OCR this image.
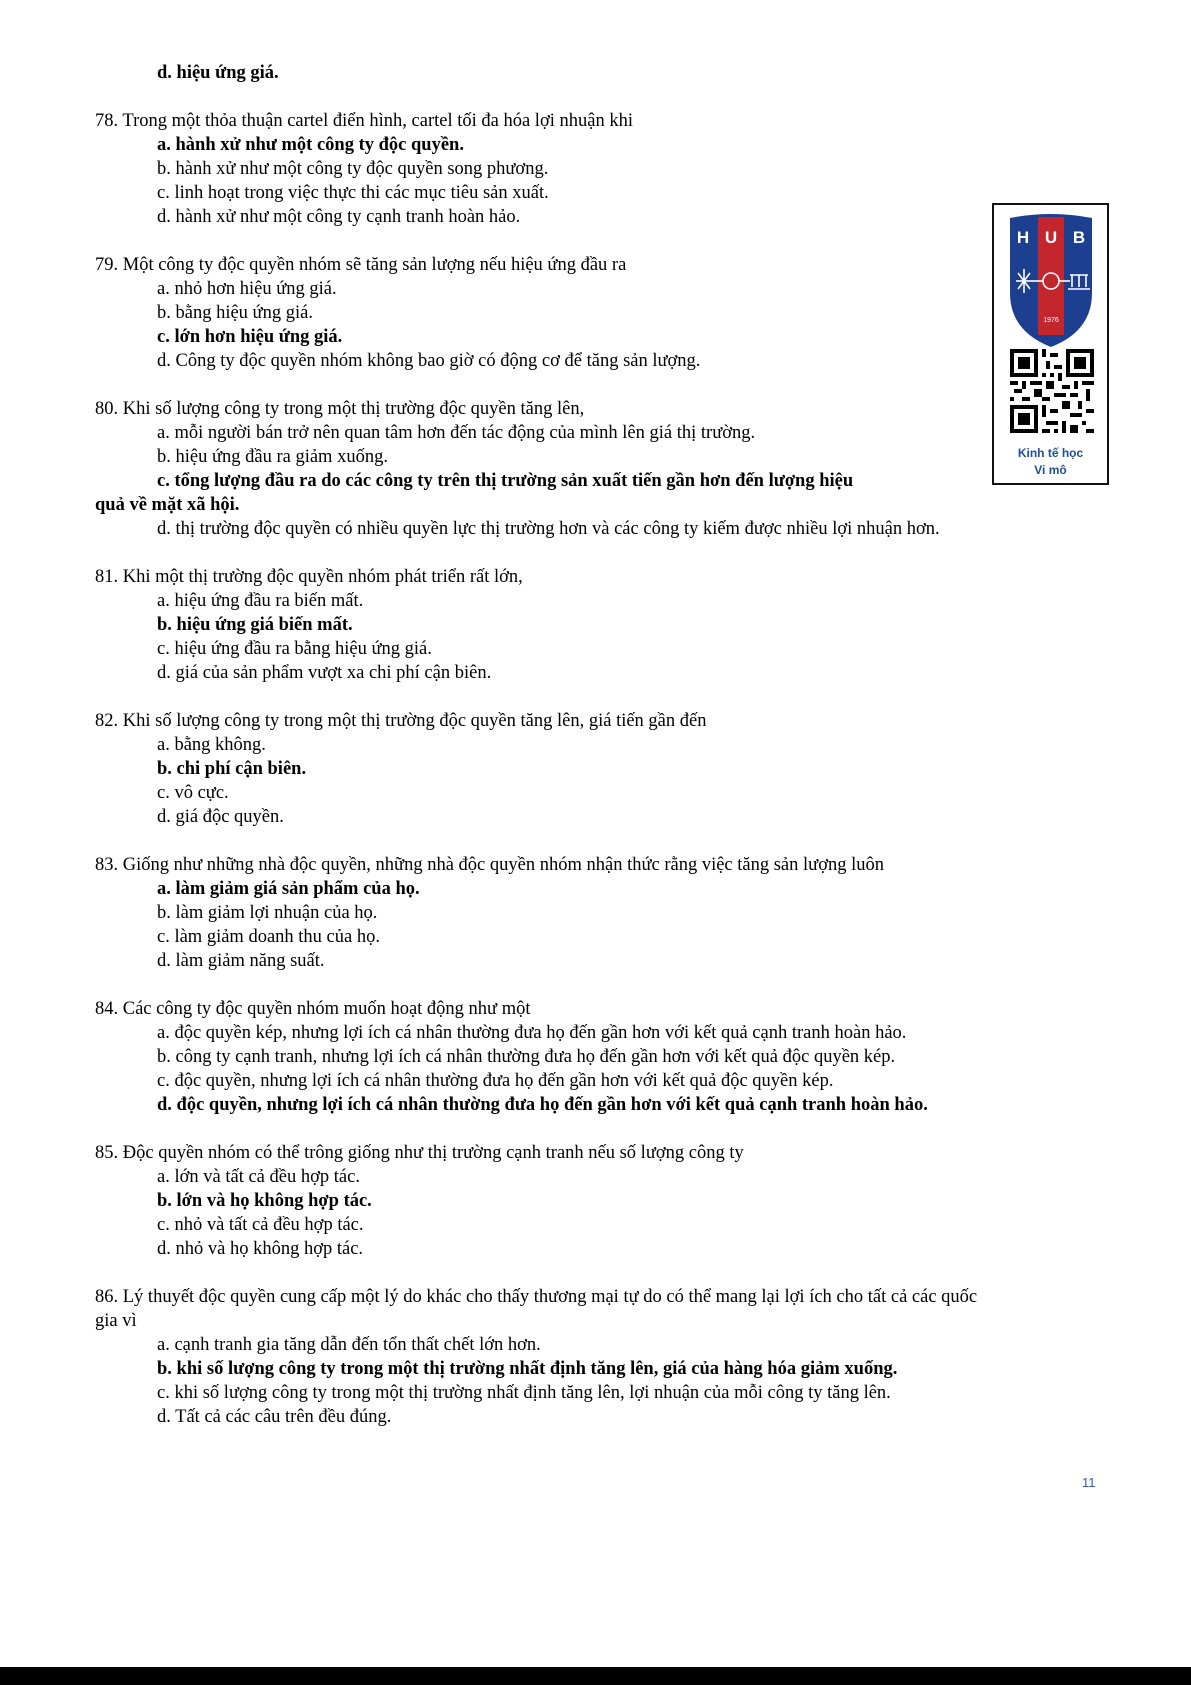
d. hiệu ứng giá.
78. Trong một thỏa thuận cartel điển hình, cartel tối đa hóa lợi nhuận khi
a. hành xử như một công ty độc quyền.
b. hành xử như một công ty độc quyền song phương.
c. linh hoạt trong việc thực thi các mục tiêu sản xuất.
d. hành xử như một công ty cạnh tranh hoàn hảo.
79. Một công ty độc quyền nhóm sẽ tăng sản lượng nếu hiệu ứng đầu ra
a. nhỏ hơn hiệu ứng giá.
b. bằng hiệu ứng giá.
c. lớn hơn hiệu ứng giá.
d. Công ty độc quyền nhóm không bao giờ có động cơ để tăng sản lượng.
80. Khi số lượng công ty trong một thị trường độc quyền tăng lên,
a. mỗi người bán trở nên quan tâm hơn đến tác động của mình lên giá thị trường.
b. hiệu ứng đầu ra giảm xuống.
c. tổng lượng đầu ra do các công ty trên thị trường sản xuất tiến gần hơn đến lượng hiệu
quả về mặt xã hội.
d. thị trường độc quyền có nhiều quyền lực thị trường hơn và các công ty kiếm được nhiều lợi nhuận hơn.
81. Khi một thị trường độc quyền nhóm phát triển rất lớn,
a. hiệu ứng đầu ra biến mất.
b. hiệu ứng giá biến mất.
c. hiệu ứng đầu ra bằng hiệu ứng giá.
d. giá của sản phẩm vượt xa chi phí cận biên.
82. Khi số lượng công ty trong một thị trường độc quyền tăng lên, giá tiến gần đến
a. bằng không.
b. chi phí cận biên.
c. vô cực.
d. giá độc quyền.
83. Giống như những nhà độc quyền, những nhà độc quyền nhóm nhận thức rằng việc tăng sản lượng luôn
a. làm giảm giá sản phẩm của họ.
b. làm giảm lợi nhuận của họ.
c. làm giảm doanh thu của họ.
d. làm giảm năng suất.
84. Các công ty độc quyền nhóm muốn hoạt động như một
a. độc quyền kép, nhưng lợi ích cá nhân thường đưa họ đến gần hơn với kết quả cạnh tranh hoàn hảo.
b. công ty cạnh tranh, nhưng lợi ích cá nhân thường đưa họ đến gần hơn với kết quả độc quyền kép.
c. độc quyền, nhưng lợi ích cá nhân thường đưa họ đến gần hơn với kết quả độc quyền kép.
d. độc quyền, nhưng lợi ích cá nhân thường đưa họ đến gần hơn với kết quả cạnh tranh hoàn hảo.
85. Độc quyền nhóm có thể trông giống như thị trường cạnh tranh nếu số lượng công ty
a. lớn và tất cả đều hợp tác.
b. lớn và họ không hợp tác.
c. nhỏ và tất cả đều hợp tác.
d. nhỏ và họ không hợp tác.
86. Lý thuyết độc quyền cung cấp một lý do khác cho thấy thương mại tự do có thể mang lại lợi ích cho tất cả các quốc
gia vì
a. cạnh tranh gia tăng dẫn đến tổn thất chết lớn hơn.
b. khi số lượng công ty trong một thị trường nhất định tăng lên, giá của hàng hóa giảm xuống.
c. khi số lượng công ty trong một thị trường nhất định tăng lên, lợi nhuận của mỗi công ty tăng lên.
d. Tất cả các câu trên đều đúng.
H U B
1976
Kinh tế học
Vi mô
11
